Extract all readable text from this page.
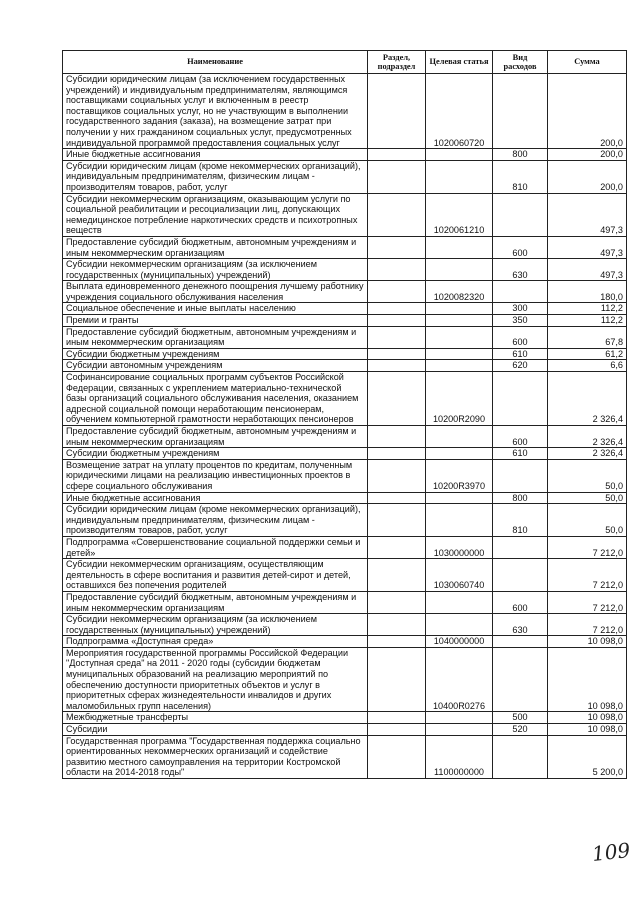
Наименование	Раздел, подраздел	Целевая статья	Вид расходов	Сумма
Субсидии юридическим лицам (за исключением государственных учреждений) и индивидуальным предпринимателям, являющимся поставщиками социальных услуг и включенным в реестр поставщиков социальных услуг, но не участвующим в выполнении государственного задания (заказа), на возмещение затрат при получении у них гражданином социальных услуг, предусмотренных индивидуальной программой предоставления социальных услуг		1020060720		200,0
Иные бюджетные ассигнования			800	200,0
Субсидии юридическим лицам (кроме некоммерческих организаций), индивидуальным предпринимателям, физическим лицам - производителям товаров, работ, услуг			810	200,0
Субсидии некоммерческим организациям, оказывающим услуги по социальной реабилитации и ресоциализации лиц, допускающих немедицинское потребление наркотических средств и психотропных веществ		1020061210		497,3
Предоставление субсидий бюджетным, автономным учреждениям и иным некоммерческим организациям			600	497,3
Субсидии некоммерческим организациям (за исключением государственных (муниципальных) учреждений)			630	497,3
Выплата единовременного денежного поощрения лучшему работнику учреждения социального обслуживания населения		1020082320		180,0
Социальное обеспечение и иные выплаты населению			300	112,2
Премии и гранты			350	112,2
Предоставление субсидий бюджетным, автономным учреждениям и иным некоммерческим организациям			600	67,8
Субсидии бюджетным учреждениям			610	61,2
Субсидии автономным учреждениям			620	6,6
Софинансирование социальных программ субъектов Российской Федерации, связанных с укреплением материально-технической базы организаций социального обслуживания населения, оказанием адресной социальной помощи неработающим пенсионерам, обучением компьютерной грамотности неработающих пенсионеров		10200R2090		2 326,4
Предоставление субсидий бюджетным, автономным учреждениям и иным некоммерческим организациям			600	2 326,4
Субсидии бюджетным учреждениям			610	2 326,4
Возмещение затрат на уплату процентов по кредитам, полученным юридическими лицами на реализацию инвестиционных проектов в сфере социального обслуживания		10200R3970		50,0
Иные бюджетные ассигнования			800	50,0
Субсидии юридическим лицам (кроме некоммерческих организаций), индивидуальным предпринимателям, физическим лицам - производителям товаров, работ, услуг			810	50,0
Подпрограмма «Совершенствование социальной поддержки семьи и детей»		1030000000		7 212,0
Субсидии некоммерческим организациям, осуществляющим деятельность в сфере воспитания и развития детей-сирот и детей, оставшихся без попечения родителей		1030060740		7 212,0
Предоставление субсидий бюджетным, автономным учреждениям и иным некоммерческим организациям			600	7 212,0
Субсидии некоммерческим организациям (за исключением государственных (муниципальных) учреждений)			630	7 212,0
Подпрограмма «Доступная среда»		1040000000		10 098,0
Мероприятия государственной программы Российской Федерации "Доступная среда" на 2011 - 2020 годы (субсидии бюджетам муниципальных образований на реализацию мероприятий по обеспечению доступности приоритетных объектов и услуг в приоритетных сферах жизнедеятельности инвалидов и других маломобильных групп населения)		10400R0276		10 098,0
Межбюджетные трансферты			500	10 098,0
Субсидии			520	10 098,0
Государственная программа "Государственная поддержка социально ориентированных некоммерческих организаций и содействие развитию местного самоуправления на территории Костромской области на 2014-2018 годы"		1100000000		5 200,0
109
